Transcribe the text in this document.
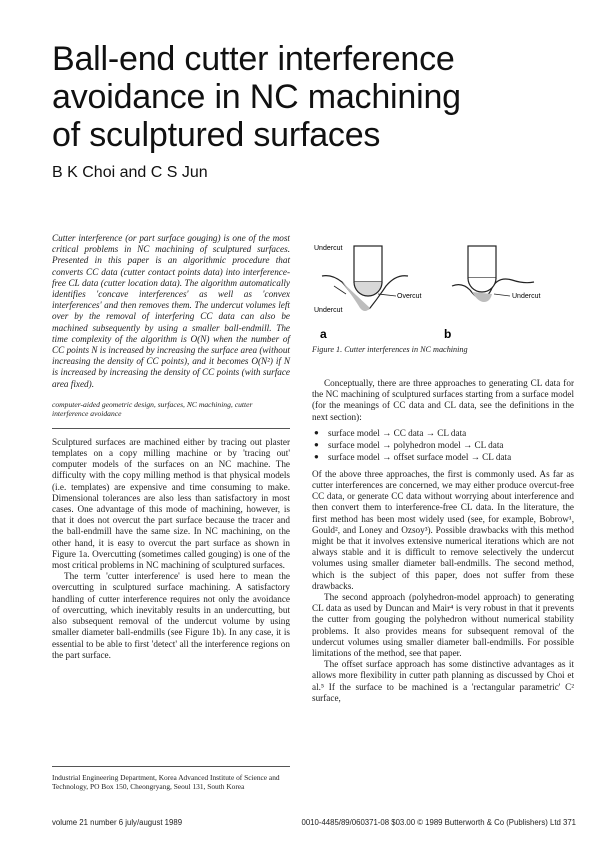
Ball-end cutter interference
avoidance in NC machining
of sculptured surfaces
B K Choi and C S Jun

Cutter interference (or part surface gouging) is one of the most critical problems in NC machining of sculptured surfaces. Presented in this paper is an algorithmic procedure that converts CC data (cutter contact points data) into interference-free CL data (cutter location data). The algorithm automatically identifies 'concave interferences' as well as 'convex interferences' and then removes them. The undercut volumes left over by the removal of interfering CC data can also be machined subsequently by using a smaller ball-endmill. The time complexity of the algorithm is O(N) when the number of CC points N is increased by increasing the surface area (without increasing the density of CC points), and it becomes O(N²) if N is increased by increasing the density of CC points (with surface area fixed).

computer-aided geometric design, surfaces, NC machining, cutter interference avoidance

Sculptured surfaces are machined either by tracing out plaster templates on a copy milling machine or by 'tracing out' computer models of the surfaces on an NC machine. The difficulty with the copy milling method is that physical models (i.e. templates) are expensive and time consuming to make. Dimensional tolerances are also less than satisfactory in most cases. One advantage of this mode of machining, however, is that it does not overcut the part surface because the tracer and the ball-endmill have the same size. In NC machining, on the other hand, it is easy to overcut the part surface as shown in Figure 1a. Overcutting (sometimes called gouging) is one of the most critical problems in NC machining of sculptured surfaces.

The term 'cutter interference' is used here to mean the overcutting in sculptured surface machining. A satisfactory handling of cutter interference requires not only the avoidance of overcutting, which inevitably results in an undercutting, but also subsequent removal of the undercut volume by using smaller diameter ball-endmills (see Figure 1b). In any case, it is essential to be able to first 'detect' all the interference regions on the part surface.

Industrial Engineering Department, Korea Advanced Institute of Science and Technology, PO Box 150, Cheongryang, Seoul 131, South Korea

Overcut
Undercut
Undercut
Undercut
a	b

Figure 1. Cutter interferences in NC machining

Conceptually, there are three approaches to generating CL data for the NC machining of sculptured surfaces starting from a surface model (for the meanings of CC data and CL data, see the definitions in the next section):

● surface model → CC data → CL data
● surface model → polyhedron model → CL data
● surface model → offset surface model → CL data

Of the above three approaches, the first is commonly used. As far as cutter interferences are concerned, we may either produce overcut-free CC data, or generate CC data without worrying about interference and then convert them to interference-free CL data. In the literature, the first method has been most widely used (see, for example, Bobrow¹, Gould², and Loney and Ozsoy³). Possible drawbacks with this method might be that it involves extensive numerical iterations which are not always stable and it is difficult to remove selectively the undercut volumes using smaller diameter ball-endmills. The second method, which is the subject of this paper, does not suffer from these drawbacks.

The second approach (polyhedron-model approach) to generating CL data as used by Duncan and Mair⁴ is very robust in that it prevents the cutter from gouging the polyhedron without numerical stability problems. It also provides means for subsequent removal of the undercut volumes using smaller diameter ball-endmills. For possible limitations of the method, see that paper.

The offset surface approach has some distinctive advantages as it allows more flexibility in cutter path planning as discussed by Choi et al.⁵ If the surface to be machined is a 'rectangular parametric' C² surface,

volume 21 number 6 july/august 1989	0010-4485/89/060371-08 $03.00 © 1989 Butterworth & Co (Publishers) Ltd 371
